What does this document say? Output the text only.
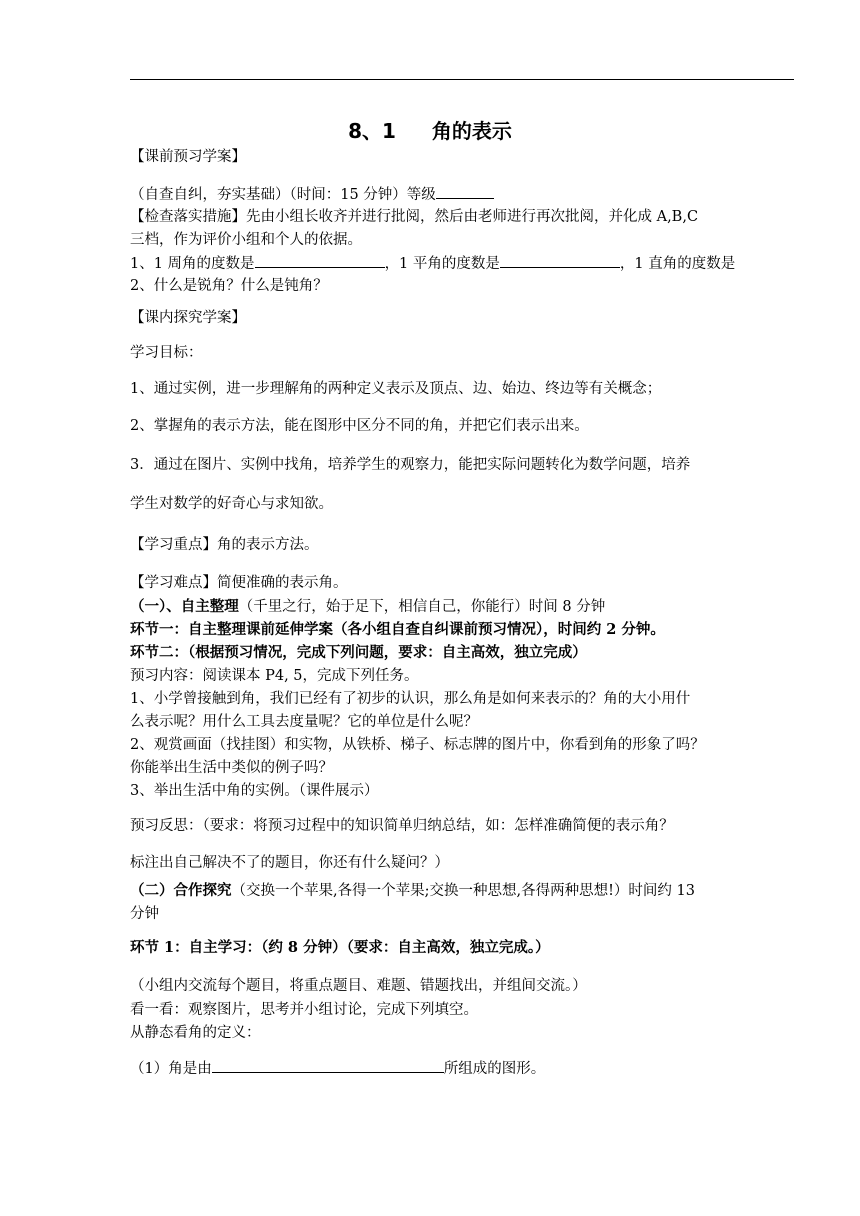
8、1 角的表示
【课前预习学案】
（自查自纠，夯实基础）（时间：15 分钟）等级
【检查落实措施】先由小组长收齐并进行批阅，然后由老师进行再次批阅，并化成 A,B,C
三档，作为评价小组和个人的依据。
1、1 周角的度数是	，1 平角的度数是	，1 直角的度数是
2、什么是锐角？什么是钝角？
【课内探究学案】
学习目标：
1、通过实例，进一步理解角的两种定义表示及顶点、边、始边、终边等有关概念；
2、掌握角的表示方法，能在图形中区分不同的角，并把它们表示出来。
3．通过在图片、实例中找角，培养学生的观察力，能把实际问题转化为数学问题，培养
学生对数学的好奇心与求知欲。
【学习重点】角的表示方法。
【学习难点】简便准确的表示角。
（一）、自主整理（千里之行，始于足下，相信自己，你能行）时间 8 分钟
环节一：自主整理课前延伸学案（各小组自查自纠课前预习情况），时间约 2 分钟。
环节二：（根据预习情况，完成下列问题，要求：自主高效，独立完成）
预习内容：阅读课本 P4, 5，完成下列任务。
1、小学曾接触到角，我们已经有了初步的认识，那么角是如何来表示的？角的大小用什
么表示呢？用什么工具去度量呢？它的单位是什么呢？
2、观赏画面（找挂图）和实物，从铁桥、梯子、标志牌的图片中，你看到角的形象了吗？
你能举出生活中类似的例子吗？
3、举出生活中角的实例。（课件展示）
预习反思：（要求：将预习过程中的知识简单归纳总结，如：怎样准确简便的表示角？
标注出自己解决不了的题目，你还有什么疑问？）
（二）合作探究（交换一个苹果,各得一个苹果;交换一种思想,各得两种思想!）时间约 13
分钟
环节 1：自主学习：（约 8 分钟）（要求：自主高效，独立完成。）
（小组内交流每个题目，将重点题目、难题、错题找出，并组间交流。）
看一看：观察图片，思考并小组讨论，完成下列填空。
从静态看角的定义：
（1）角是由	所组成的图形。
